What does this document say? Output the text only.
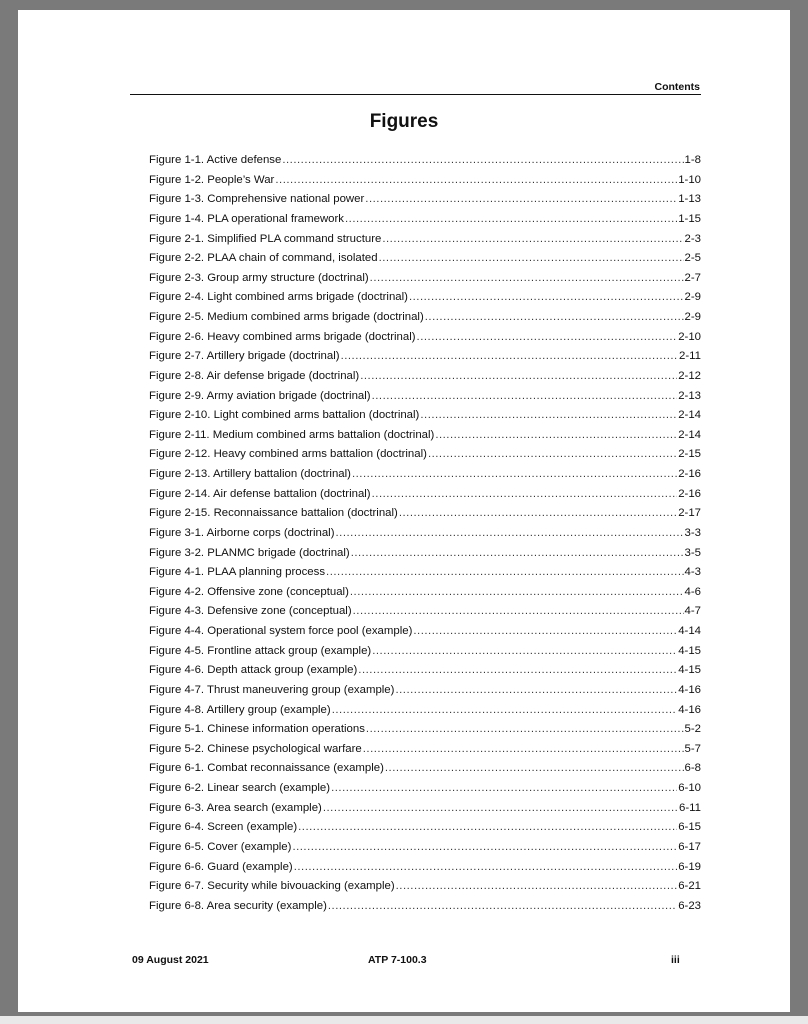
Contents
Figures
Figure 1-1. Active defense .....	1-8
Figure 1-2. People’s War .....	1-10
Figure 1-3. Comprehensive national power .....	1-13
Figure 1-4. PLA operational framework .....	1-15
Figure 2-1. Simplified PLA command structure .....	2-3
Figure 2-2. PLAA chain of command, isolated .....	2-5
Figure 2-3. Group army structure (doctrinal) .....	2-7
Figure 2-4. Light combined arms brigade (doctrinal) .....	2-9
Figure 2-5. Medium combined arms brigade (doctrinal) .....	2-9
Figure 2-6. Heavy combined arms brigade (doctrinal) .....	2-10
Figure 2-7. Artillery brigade (doctrinal) .....	2-11
Figure 2-8. Air defense brigade (doctrinal) .....	2-12
Figure 2-9. Army aviation brigade (doctrinal) .....	2-13
Figure 2-10. Light combined arms battalion (doctrinal) .....	2-14
Figure 2-11. Medium combined arms battalion (doctrinal) .....	2-14
Figure 2-12. Heavy combined arms battalion (doctrinal) .....	2-15
Figure 2-13. Artillery battalion (doctrinal) .....	2-16
Figure 2-14. Air defense battalion (doctrinal) .....	2-16
Figure 2-15. Reconnaissance battalion (doctrinal) .....	2-17
Figure 3-1. Airborne corps (doctrinal) .....	3-3
Figure 3-2. PLANMC brigade (doctrinal) .....	3-5
Figure 4-1. PLAA planning process .....	4-3
Figure 4-2. Offensive zone (conceptual) .....	4-6
Figure 4-3. Defensive zone (conceptual) .....	4-7
Figure 4-4. Operational system force pool (example) .....	4-14
Figure 4-5. Frontline attack group (example) .....	4-15
Figure 4-6. Depth attack group (example) .....	4-15
Figure 4-7. Thrust maneuvering group (example) .....	4-16
Figure 4-8. Artillery group (example) .....	4-16
Figure 5-1. Chinese information operations .....	5-2
Figure 5-2. Chinese psychological warfare .....	5-7
Figure 6-1. Combat reconnaissance (example) .....	6-8
Figure 6-2. Linear search (example) .....	6-10
Figure 6-3. Area search (example) .....	6-11
Figure 6-4. Screen (example) .....	6-15
Figure 6-5. Cover (example) .....	6-17
Figure 6-6. Guard (example) .....	6-19
Figure 6-7. Security while bivouacking (example) .....	6-21
Figure 6-8. Area security (example) .....	6-23
09 August 2021	ATP 7-100.3	iii
